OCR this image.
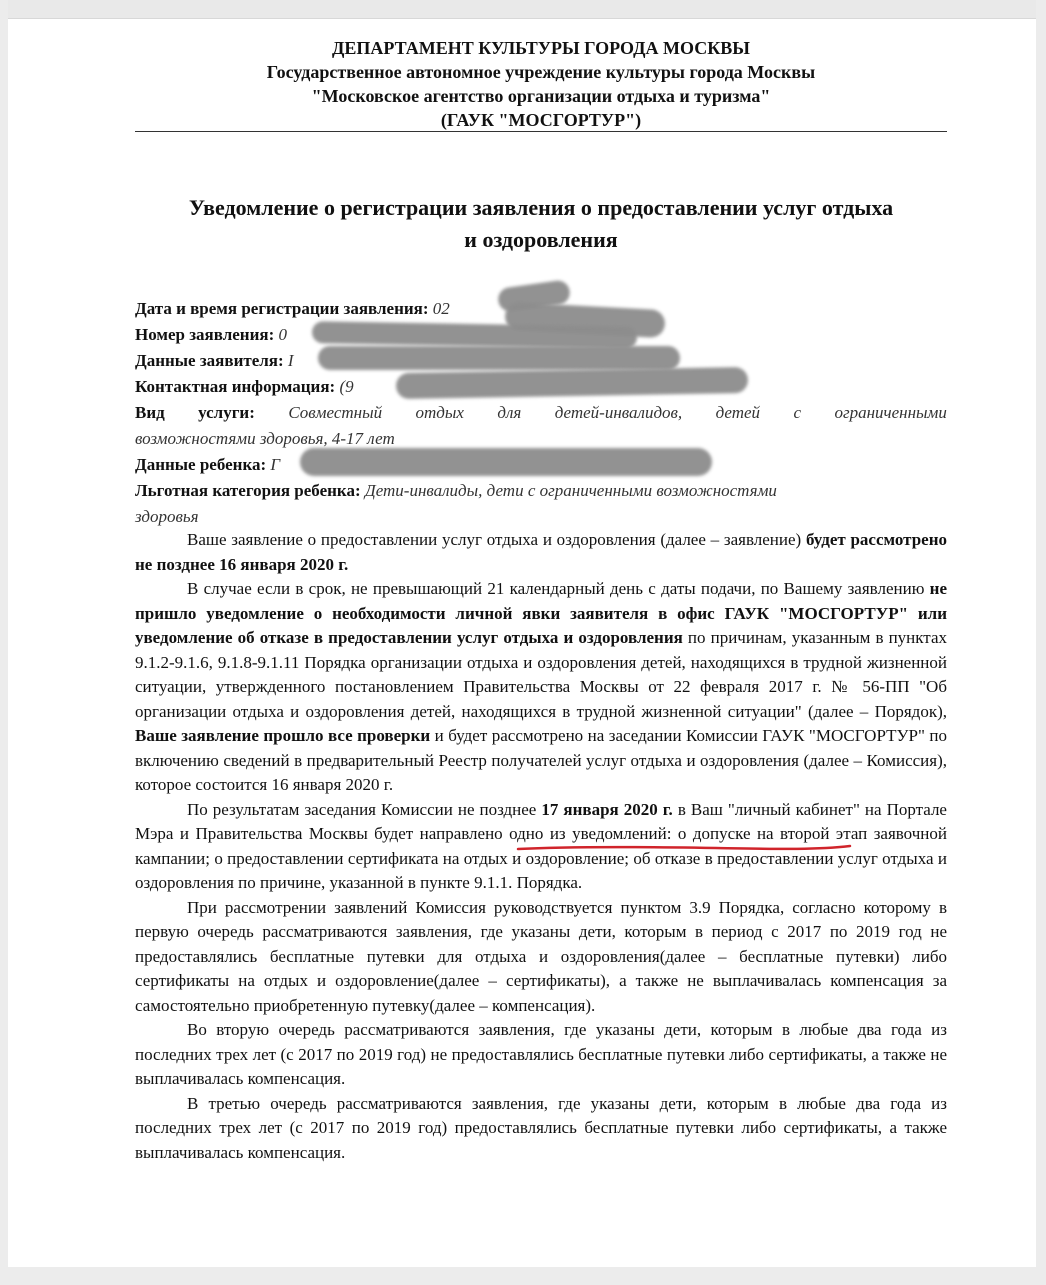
ДЕПАРТАМЕНТ КУЛЬТУРЫ ГОРОДА МОСКВЫ
Государственное автономное учреждение культуры города Москвы
"Московское агентство организации отдыха и туризма"
(ГАУК "МОСГОРТУР")
Уведомление о регистрации заявления о предоставлении услуг отдыха
и оздоровления
Дата и время регистрации заявления: 02
Номер заявления: 0
Данные заявителя: I
Контактная информация: (9
Вид услуги: Совместный отдых для детей-инвалидов, детей с ограниченными
возможностями здоровья, 4-17 лет
Данные ребенка: Г
Льготная категория ребенка: Дети-инвалиды, дети с ограниченными возможностями
здоровья

Ваше заявление о предоставлении услуг отдыха и оздоровления (далее – заявление) будет рассмотрено не позднее 16 января 2020 г.

В случае если в срок, не превышающий 21 календарный день с даты подачи, по Вашему заявлению не пришло уведомление о необходимости личной явки заявителя в офис ГАУК "МОСГОРТУР" или уведомление об отказе в предоставлении услуг отдыха и оздоровления по причинам, указанным в пунктах 9.1.2-9.1.6, 9.1.8-9.1.11 Порядка организации отдыха и оздоровления детей, находящихся в трудной жизненной ситуации, утвержденного постановлением Правительства Москвы от 22 февраля 2017 г. № 56-ПП "Об организации отдыха и оздоровления детей, находящихся в трудной жизненной ситуации" (далее – Порядок), Ваше заявление прошло все проверки и будет рассмотрено на заседании Комиссии ГАУК "МОСГОРТУР" по включению сведений в предварительный Реестр получателей услуг отдыха и оздоровления (далее – Комиссия), которое состоится 16 января 2020 г.

По результатам заседания Комиссии не позднее 17 января 2020 г. в Ваш "личный кабинет" на Портале Мэра и Правительства Москвы будет направлено одно из уведомлений: о допуске на второй этап заявочной кампании; о предоставлении сертификата на отдых и оздоровление; об отказе в предоставлении услуг отдыха и оздоровления по причине, указанной в пункте 9.1.1. Порядка.

При рассмотрении заявлений Комиссия руководствуется пунктом 3.9 Порядка, согласно которому в первую очередь рассматриваются заявления, где указаны дети, которым в период с 2017 по 2019 год не предоставлялись бесплатные путевки для отдыха и оздоровления(далее – бесплатные путевки) либо сертификаты на отдых и оздоровление(далее – сертификаты), а также не выплачивалась компенсация за самостоятельно приобретенную путевку(далее – компенсация).

Во вторую очередь рассматриваются заявления, где указаны дети, которым в любые два года из последних трех лет (с 2017 по 2019 год) не предоставлялись бесплатные путевки либо сертификаты, а также не выплачивалась компенсация.

В третью очередь рассматриваются заявления, где указаны дети, которым в любые два года из последних трех лет (с 2017 по 2019 год) предоставлялись бесплатные путевки либо сертификаты, а также выплачивалась компенсация.
